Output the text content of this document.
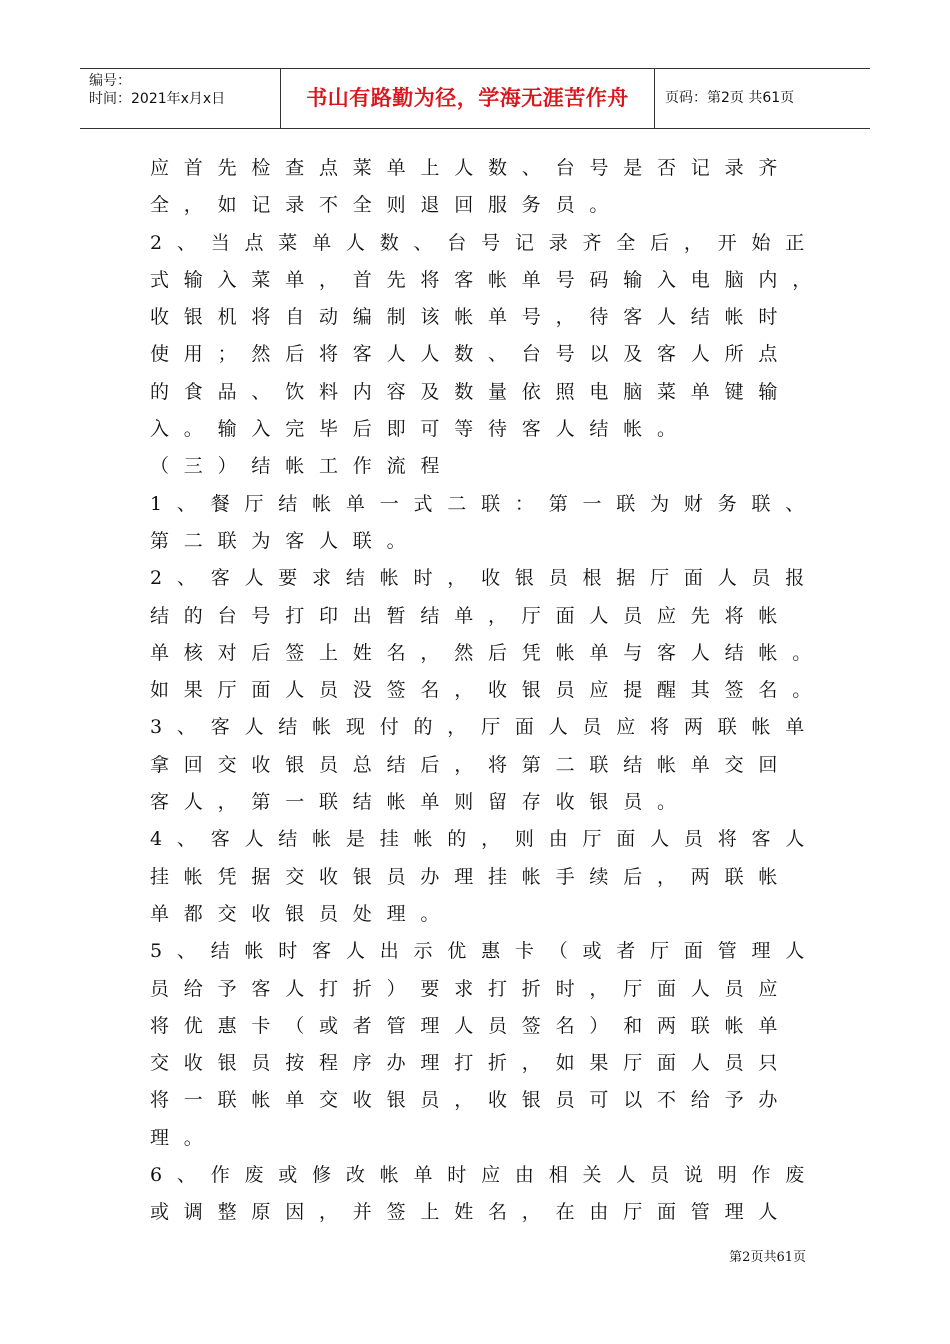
编号：
时间：2021年x月x日	书山有路勤为径，学海无涯苦作舟	页码：第2页 共61页
应首先检查点菜单上人数、台号是否记录齐
全，如记录不全则退回服务员。
2、当点菜单人数、台号记录齐全后，开始正
式输入菜单，首先将客帐单号码输入电脑内，
收银机将自动编制该帐单号，待客人结帐时
使用；然后将客人人数、台号以及客人所点
的食品、饮料内容及数量依照电脑菜单键输
入。输入完毕后即可等待客人结帐。
（三）结帐工作流程
1、餐厅结帐单一式二联：第一联为财务联、
第二联为客人联。
2、客人要求结帐时，收银员根据厅面人员报
结的台号打印出暂结单，厅面人员应先将帐
单核对后签上姓名，然后凭帐单与客人结帐。
如果厅面人员没签名，收银员应提醒其签名。
3、客人结帐现付的，厅面人员应将两联帐单
拿回交收银员总结后，将第二联结帐单交回
客人，第一联结帐单则留存收银员。
4、客人结帐是挂帐的，则由厅面人员将客人
挂帐凭据交收银员办理挂帐手续后，两联帐
单都交收银员处理。
5、结帐时客人出示优惠卡（或者厅面管理人
员给予客人打折）要求打折时，厅面人员应
将优惠卡（或者管理人员签名）和两联帐单
交收银员按程序办理打折，如果厅面人员只
将一联帐单交收银员，收银员可以不给予办
理。
6、作废或修改帐单时应由相关人员说明作废
或调整原因，并签上姓名，在由厅面管理人
第2页共61页
